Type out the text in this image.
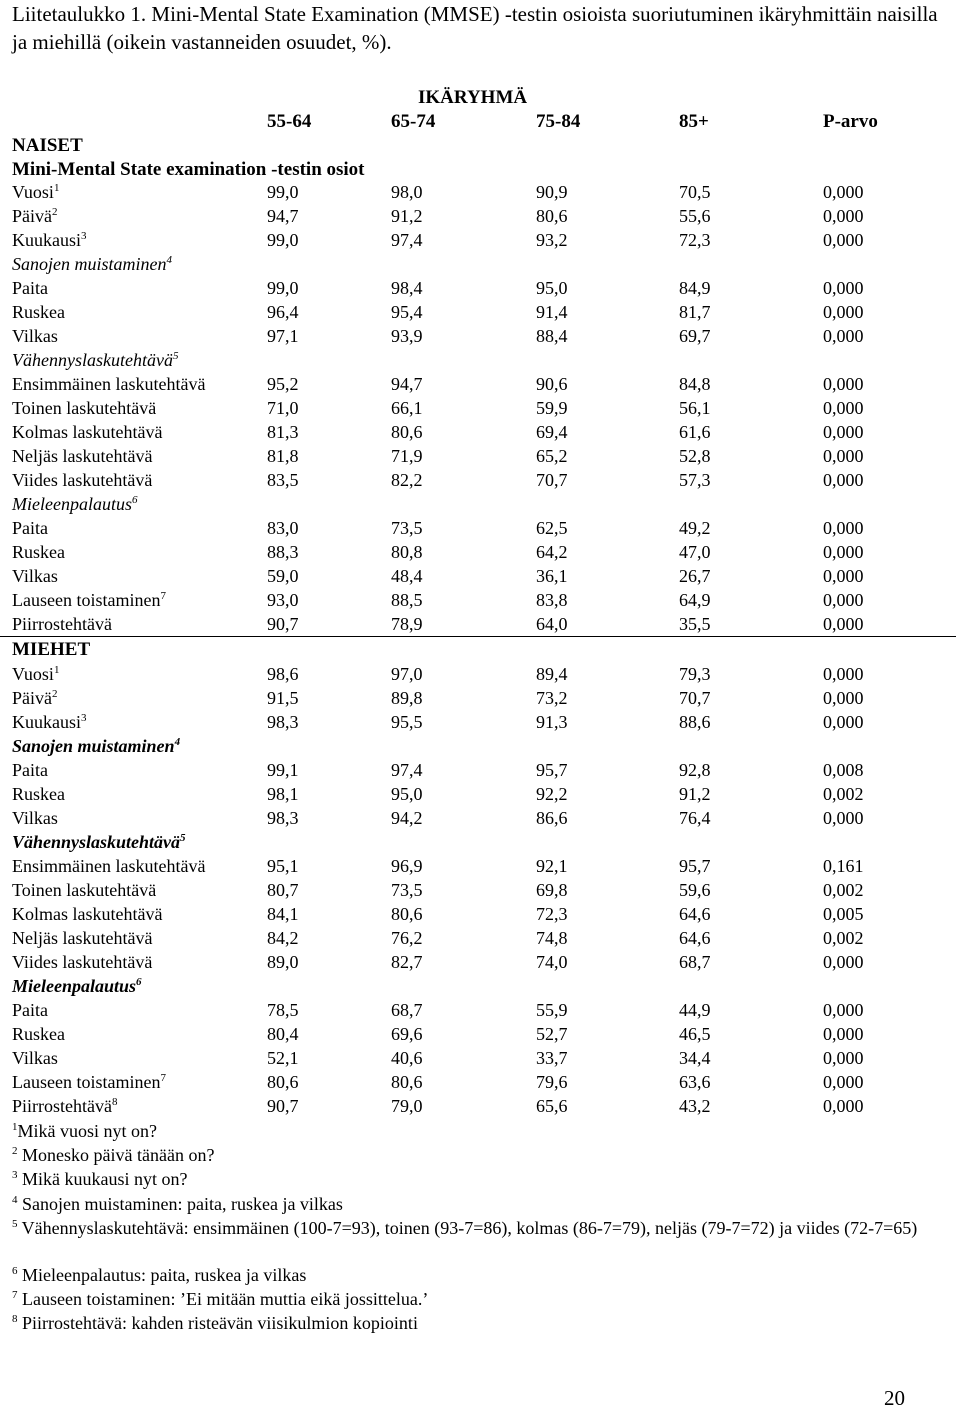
Liitetaulukko 1. Mini-Mental State Examination (MMSE) -testin osioista suoriutuminen ikäryhmittäin naisilla ja miehillä (oikein vastanneiden osuudet, %).
IKÄRYHMÄ
55-64	65-74	75-84	85+	P-arvo
NAISET
Mini-Mental State examination -testin osiot
Vuosi$^1$	99,0	98,0	90,9	70,5	0,000
Päivä$^2$	94,7	91,2	80,6	55,6	0,000
Kuukausi$^3$	99,0	97,4	93,2	72,3	0,000
Sanojen muistaminen$^4$
Paita	99,0	98,4	95,0	84,9	0,000
Ruskea	96,4	95,4	91,4	81,7	0,000
Vilkas	97,1	93,9	88,4	69,7	0,000
Vähennyslaskutehtävä$^5$
Ensimmäinen laskutehtävä	95,2	94,7	90,6	84,8	0,000
Toinen laskutehtävä	71,0	66,1	59,9	56,1	0,000
Kolmas laskutehtävä	81,3	80,6	69,4	61,6	0,000
Neljäs laskutehtävä	81,8	71,9	65,2	52,8	0,000
Viides laskutehtävä	83,5	82,2	70,7	57,3	0,000
Mieleenpalautus$^6$
Paita	83,0	73,5	62,5	49,2	0,000
Ruskea	88,3	80,8	64,2	47,0	0,000
Vilkas	59,0	48,4	36,1	26,7	0,000
Lauseen toistaminen$^7$	93,0	88,5	83,8	64,9	0,000
Piirrostehtävä	90,7	78,9	64,0	35,5	0,000
MIEHET
Vuosi$^1$	98,6	97,0	89,4	79,3	0,000
Päivä$^2$	91,5	89,8	73,2	70,7	0,000
Kuukausi$^3$	98,3	95,5	91,3	88,6	0,000
Sanojen muistaminen$^4$
Paita	99,1	97,4	95,7	92,8	0,008
Ruskea	98,1	95,0	92,2	91,2	0,002
Vilkas	98,3	94,2	86,6	76,4	0,000
Vähennyslaskutehtävä$^5$
Ensimmäinen laskutehtävä	95,1	96,9	92,1	95,7	0,161
Toinen laskutehtävä	80,7	73,5	69,8	59,6	0,002
Kolmas laskutehtävä	84,1	80,6	72,3	64,6	0,005
Neljäs laskutehtävä	84,2	76,2	74,8	64,6	0,002
Viides laskutehtävä	89,0	82,7	74,0	68,7	0,000
Mieleenpalautus$^6$
Paita	78,5	68,7	55,9	44,9	0,000
Ruskea	80,4	69,6	52,7	46,5	0,000
Vilkas	52,1	40,6	33,7	34,4	0,000
Lauseen toistaminen$^7$	80,6	80,6	79,6	63,6	0,000
Piirrostehtävä$^8$	90,7	79,0	65,6	43,2	0,000
$^1$Mikä vuosi nyt on?
$^2$ Monesko päivä tänään on?
$^3$ Mikä kuukausi nyt on?
$^4$ Sanojen muistaminen: paita, ruskea ja vilkas
$^5$ Vähennyslaskutehtävä: ensimmäinen (100-7=93), toinen (93-7=86), kolmas (86-7=79), neljäs (79-7=72) ja viides (72-7=65)
$^6$ Mieleenpalautus: paita, ruskea ja vilkas
$^7$ Lauseen toistaminen: ’Ei mitään muttia eikä jossittelua.’
$^8$ Piirrostehtävä: kahden risteävän viisikulmion kopiointi
20
